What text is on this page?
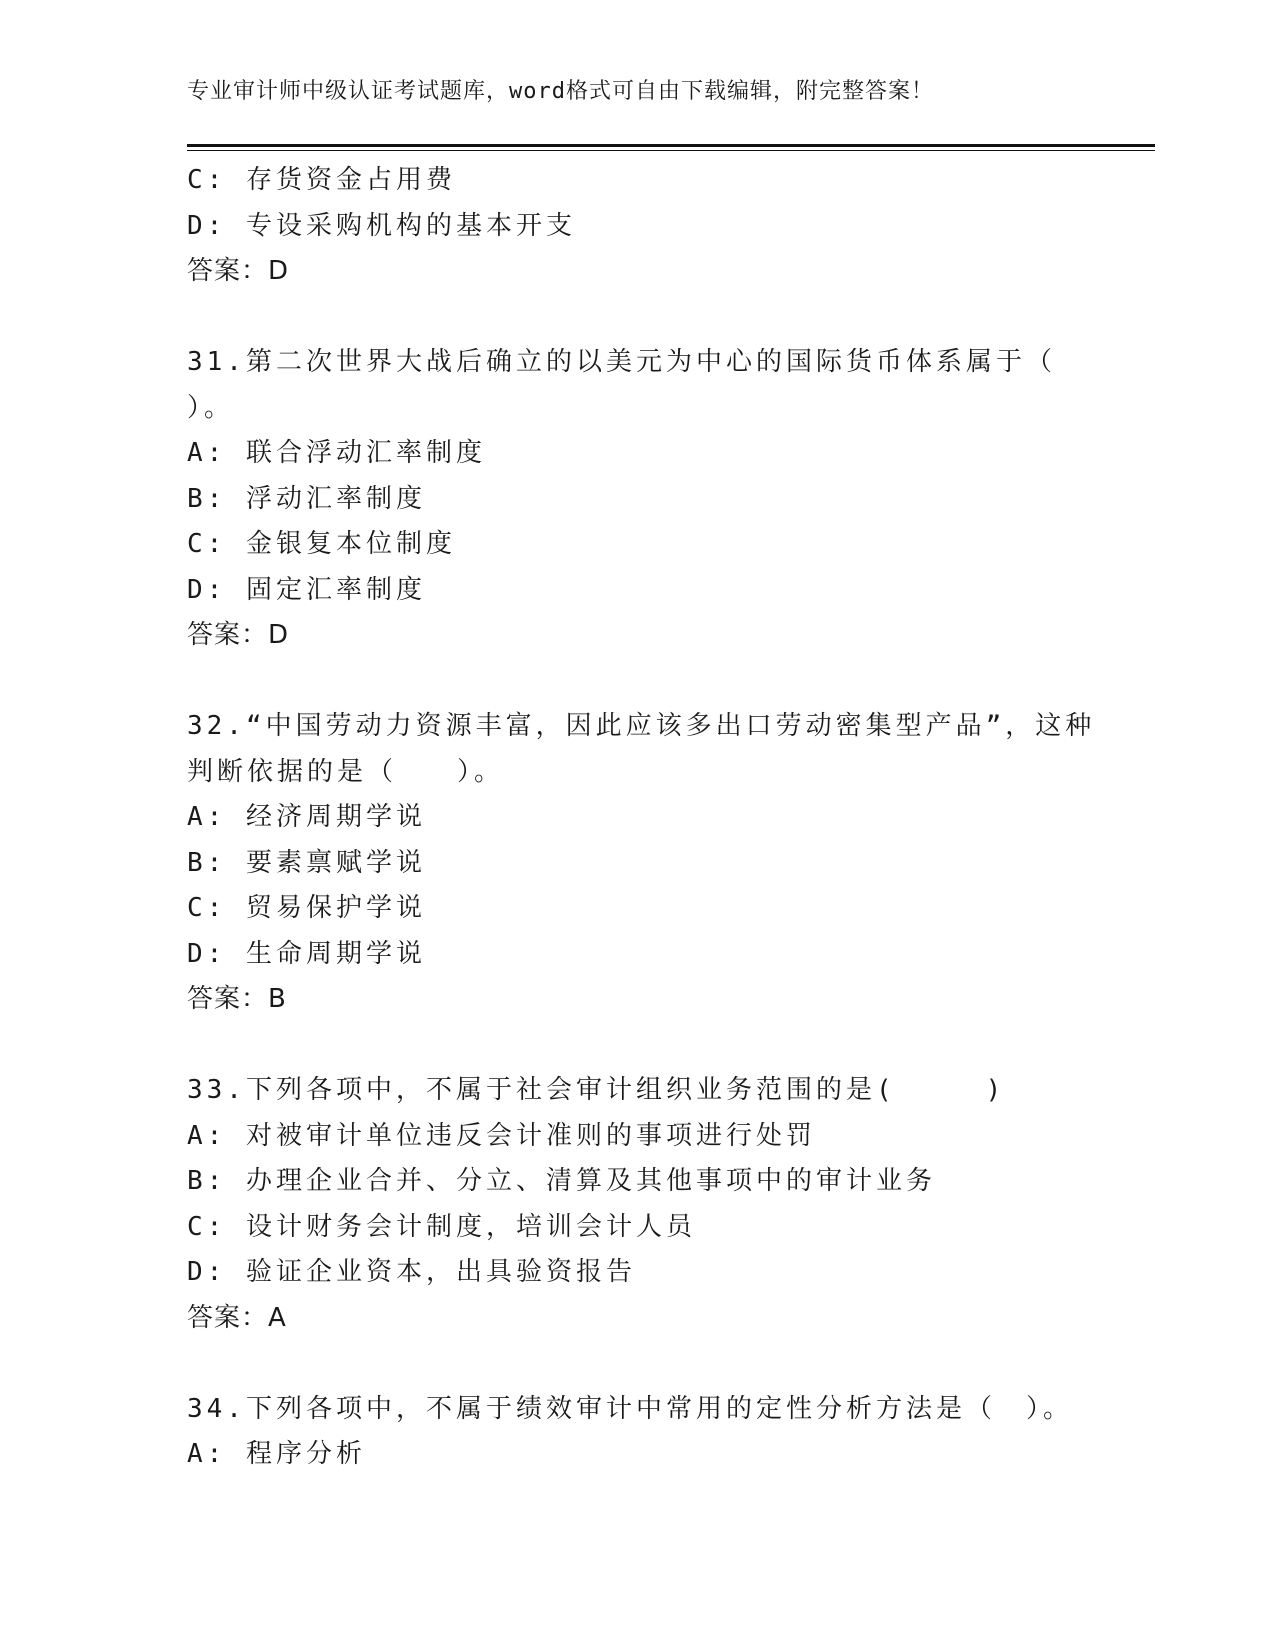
专业审计师中级认证考试题库，word格式可自由下载编辑，附完整答案！
C: 存货资金占用费
D: 专设采购机构的基本开支
答案：D
31.第二次世界大战后确立的以美元为中心的国际货币体系属于（
）。
A: 联合浮动汇率制度
B: 浮动汇率制度
C: 金银复本位制度
D: 固定汇率制度
答案：D
32.“中国劳动力资源丰富，因此应该多出口劳动密集型产品”，这种
判断依据的是（　　）。
A: 经济周期学说
B: 要素禀赋学说
C: 贸易保护学说
D: 生命周期学说
答案：B
33.下列各项中，不属于社会审计组织业务范围的是(　　　)
A: 对被审计单位违反会计准则的事项进行处罚
B: 办理企业合并、分立、清算及其他事项中的审计业务
C: 设计财务会计制度，培训会计人员
D: 验证企业资本，出具验资报告
答案：A
34.下列各项中，不属于绩效审计中常用的定性分析方法是（　）。
A: 程序分析
